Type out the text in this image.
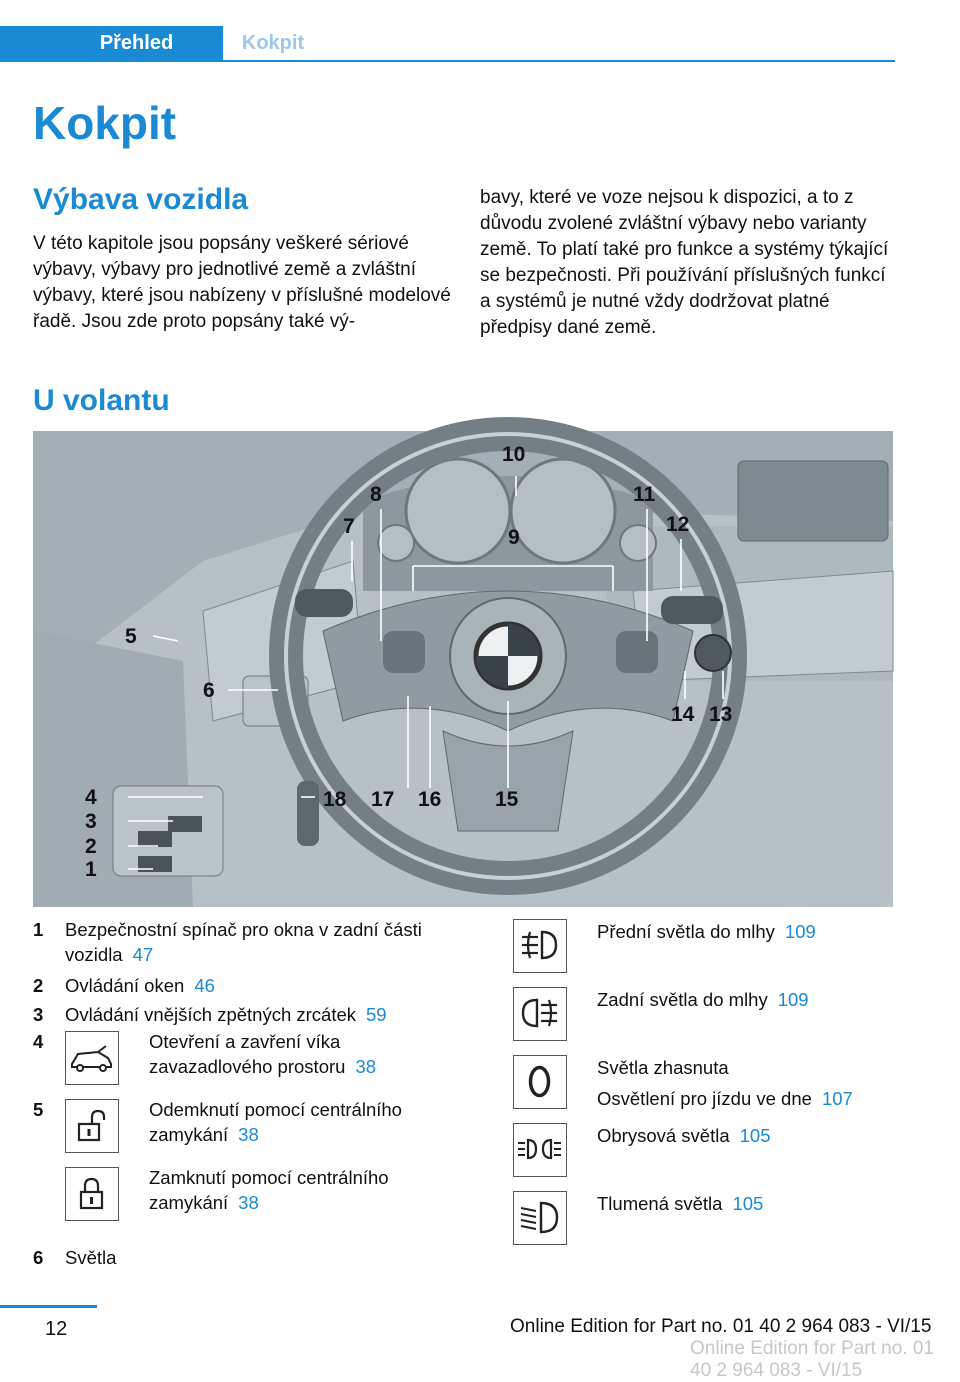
Přehled	Kokpit
Kokpit
Výbava vozidla
V této kapitole jsou popsány veškeré sériové výbavy, výbavy pro jednotlivé země a zvláštní výbavy, které jsou nabízeny v příslušné modelové řadě. Jsou zde proto popsány také vý-
bavy, které ve voze nejsou k dispozici, a to z důvodu zvolené zvláštní výbavy nebo varianty země. To platí také pro funkce a systémy týkající se bezpečnosti. Při používání příslušných funkcí a systémů je nutné vždy dodržovat platné předpisy dané země.
U volantu
1
2
3
4
5
6
7
8
9
10
11
12
13
14
15
16
17
18
1 Bezpečnostní spínač pro okna v zadní části vozidla 47
2 Ovládání oken 46
3 Ovládání vnějších zpětných zrcátek 59
4	Otevření a zavření víka zavazadlového prostoru 38
5	Odemknutí pomocí centrálního zamykání 38
Zamknutí pomocí centrálního zamykání 38
6 Světla
Přední světla do mlhy 109
Zadní světla do mlhy 109

Světla zhasnuta

Osvětlení pro jízdu ve dne 107

Obrysová světla 105
Tlumená světla 105
12	Online Edition for Part no. 01 40 2 964 083 - VI/15
Online Edition for Part no. 01 40 2 964 083 - VI/15
